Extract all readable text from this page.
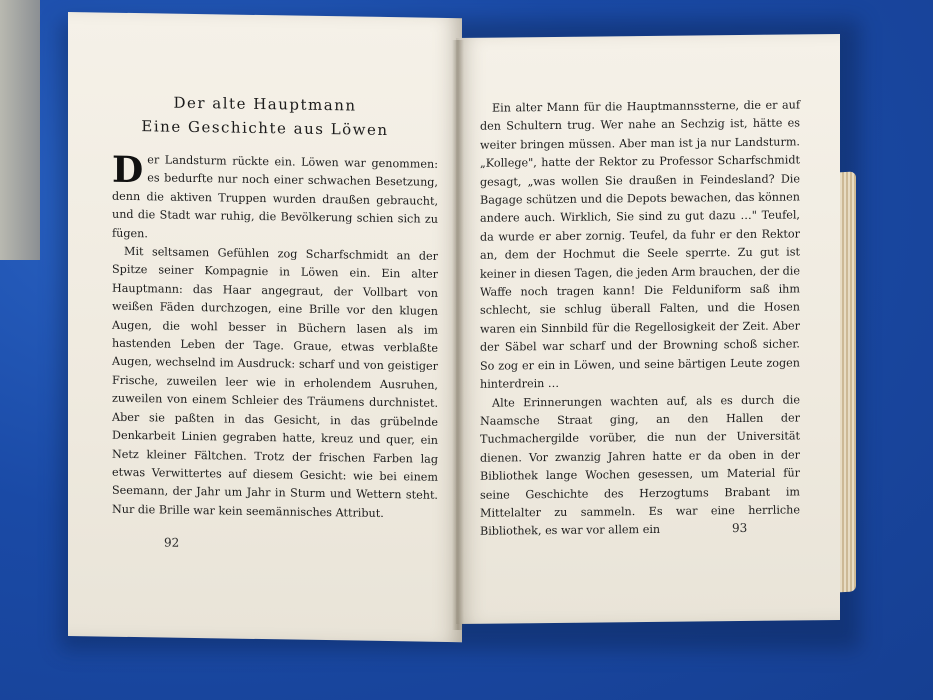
Der alte Hauptmann
Eine Geschichte aus Löwen

Der Landsturm rückte ein. Löwen war genommen: es bedurfte nur noch einer schwachen Besetzung, denn die aktiven Truppen wurden draußen gebraucht, und die Stadt war ruhig, die Bevölkerung schien sich zu fügen.

Mit seltsamen Gefühlen zog Scharfschmidt an der Spitze seiner Kompagnie in Löwen ein. Ein alter Hauptmann: das Haar angegraut, der Vollbart von weißen Fäden durchzogen, eine Brille vor den klugen Augen, die wohl besser in Büchern lasen als im hastenden Leben der Tage. Graue, etwas verblaßte Augen, wechselnd im Ausdruck: scharf und von geistiger Frische, zuweilen leer wie in erholendem Ausruhen, zuweilen von einem Schleier des Träumens durchnistet. Aber sie paßten in das Gesicht, in das grübelnde Denkarbeit Linien gegraben hatte, kreuz und quer, ein Netz kleiner Fältchen. Trotz der frischen Farben lag etwas Verwittertes auf diesem Gesicht: wie bei einem Seemann, der Jahr um Jahr in Sturm und Wettern steht. Nur die Brille war kein seemännisches Attribut.

92

Ein alter Mann für die Hauptmannssterne, die er auf den Schultern trug. Wer nahe an Sechzig ist, hätte es weiter bringen müssen. Aber man ist ja nur Landsturm. „Kollege", hatte der Rektor zu Professor Scharfschmidt gesagt, „was wollen Sie draußen in Feindesland? Die Bagage schützen und die Depots bewachen, das können andere auch. Wirklich, Sie sind zu gut dazu …" Teufel, da wurde er aber zornig. Teufel, da fuhr er den Rektor an, dem der Hochmut die Seele sperrte. Zu gut ist keiner in diesen Tagen, die jeden Arm brauchen, der die Waffe noch tragen kann! Die Felduniform saß ihm schlecht, sie schlug überall Falten, und die Hosen waren ein Sinnbild für die Regellosigkeit der Zeit. Aber der Säbel war scharf und der Browning schoß sicher. So zog er ein in Löwen, und seine bärtigen Leute zogen hinterdrein …

Alte Erinnerungen wachten auf, als es durch die Naamsche Straat ging, an den Hallen der Tuchmachergilde vorüber, die nun der Universität dienen. Vor zwanzig Jahren hatte er da oben in der Bibliothek lange Wochen gesessen, um Material für seine Geschichte des Herzogtums Brabant im Mittelalter zu sammeln. Es war eine herrliche Bibliothek, es war vor allem ein	93
